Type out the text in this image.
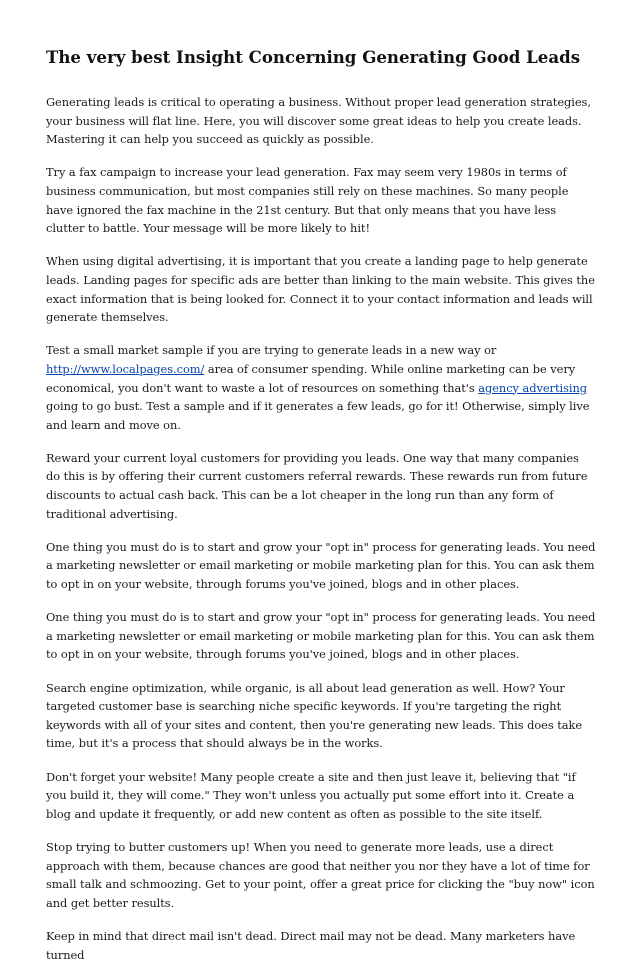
The very best Insight Concerning Generating Good Leads

Generating leads is critical to operating a business. Without proper lead generation strategies, your business will flat line. Here, you will discover some great ideas to help you create leads. Mastering it can help you succeed as quickly as possible.

Try a fax campaign to increase your lead generation. Fax may seem very 1980s in terms of business communication, but most companies still rely on these machines. So many people have ignored the fax machine in the 21st century. But that only means that you have less clutter to battle. Your message will be more likely to hit!

When using digital advertising, it is important that you create a landing page to help generate leads. Landing pages for specific ads are better than linking to the main website. This gives the exact information that is being looked for. Connect it to your contact information and leads will generate themselves.

Test a small market sample if you are trying to generate leads in a new way or http://www.localpages.com/ area of consumer spending. While online marketing can be very economical, you don't want to waste a lot of resources on something that's agency advertising going to go bust. Test a sample and if it generates a few leads, go for it! Otherwise, simply live and learn and move on.

Reward your current loyal customers for providing you leads. One way that many companies do this is by offering their current customers referral rewards. These rewards run from future discounts to actual cash back. This can be a lot cheaper in the long run than any form of traditional advertising.

One thing you must do is to start and grow your "opt in" process for generating leads. You need a marketing newsletter or email marketing or mobile marketing plan for this. You can ask them to opt in on your website, through forums you've joined, blogs and in other places.

One thing you must do is to start and grow your "opt in" process for generating leads. You need a marketing newsletter or email marketing or mobile marketing plan for this. You can ask them to opt in on your website, through forums you've joined, blogs and in other places.

Search engine optimization, while organic, is all about lead generation as well. How? Your targeted customer base is searching niche specific keywords. If you're targeting the right keywords with all of your sites and content, then you're generating new leads. This does take time, but it's a process that should always be in the works.

Don't forget your website! Many people create a site and then just leave it, believing that "if you build it, they will come." They won't unless you actually put some effort into it. Create a blog and update it frequently, or add new content as often as possible to the site itself.

Stop trying to butter customers up! When you need to generate more leads, use a direct approach with them, because chances are good that neither you nor they have a lot of time for small talk and schmoozing. Get to your point, offer a great price for clicking the "buy now" icon and get better results.

Keep in mind that direct mail isn't dead. Direct mail may not be dead. Many marketers have turned
